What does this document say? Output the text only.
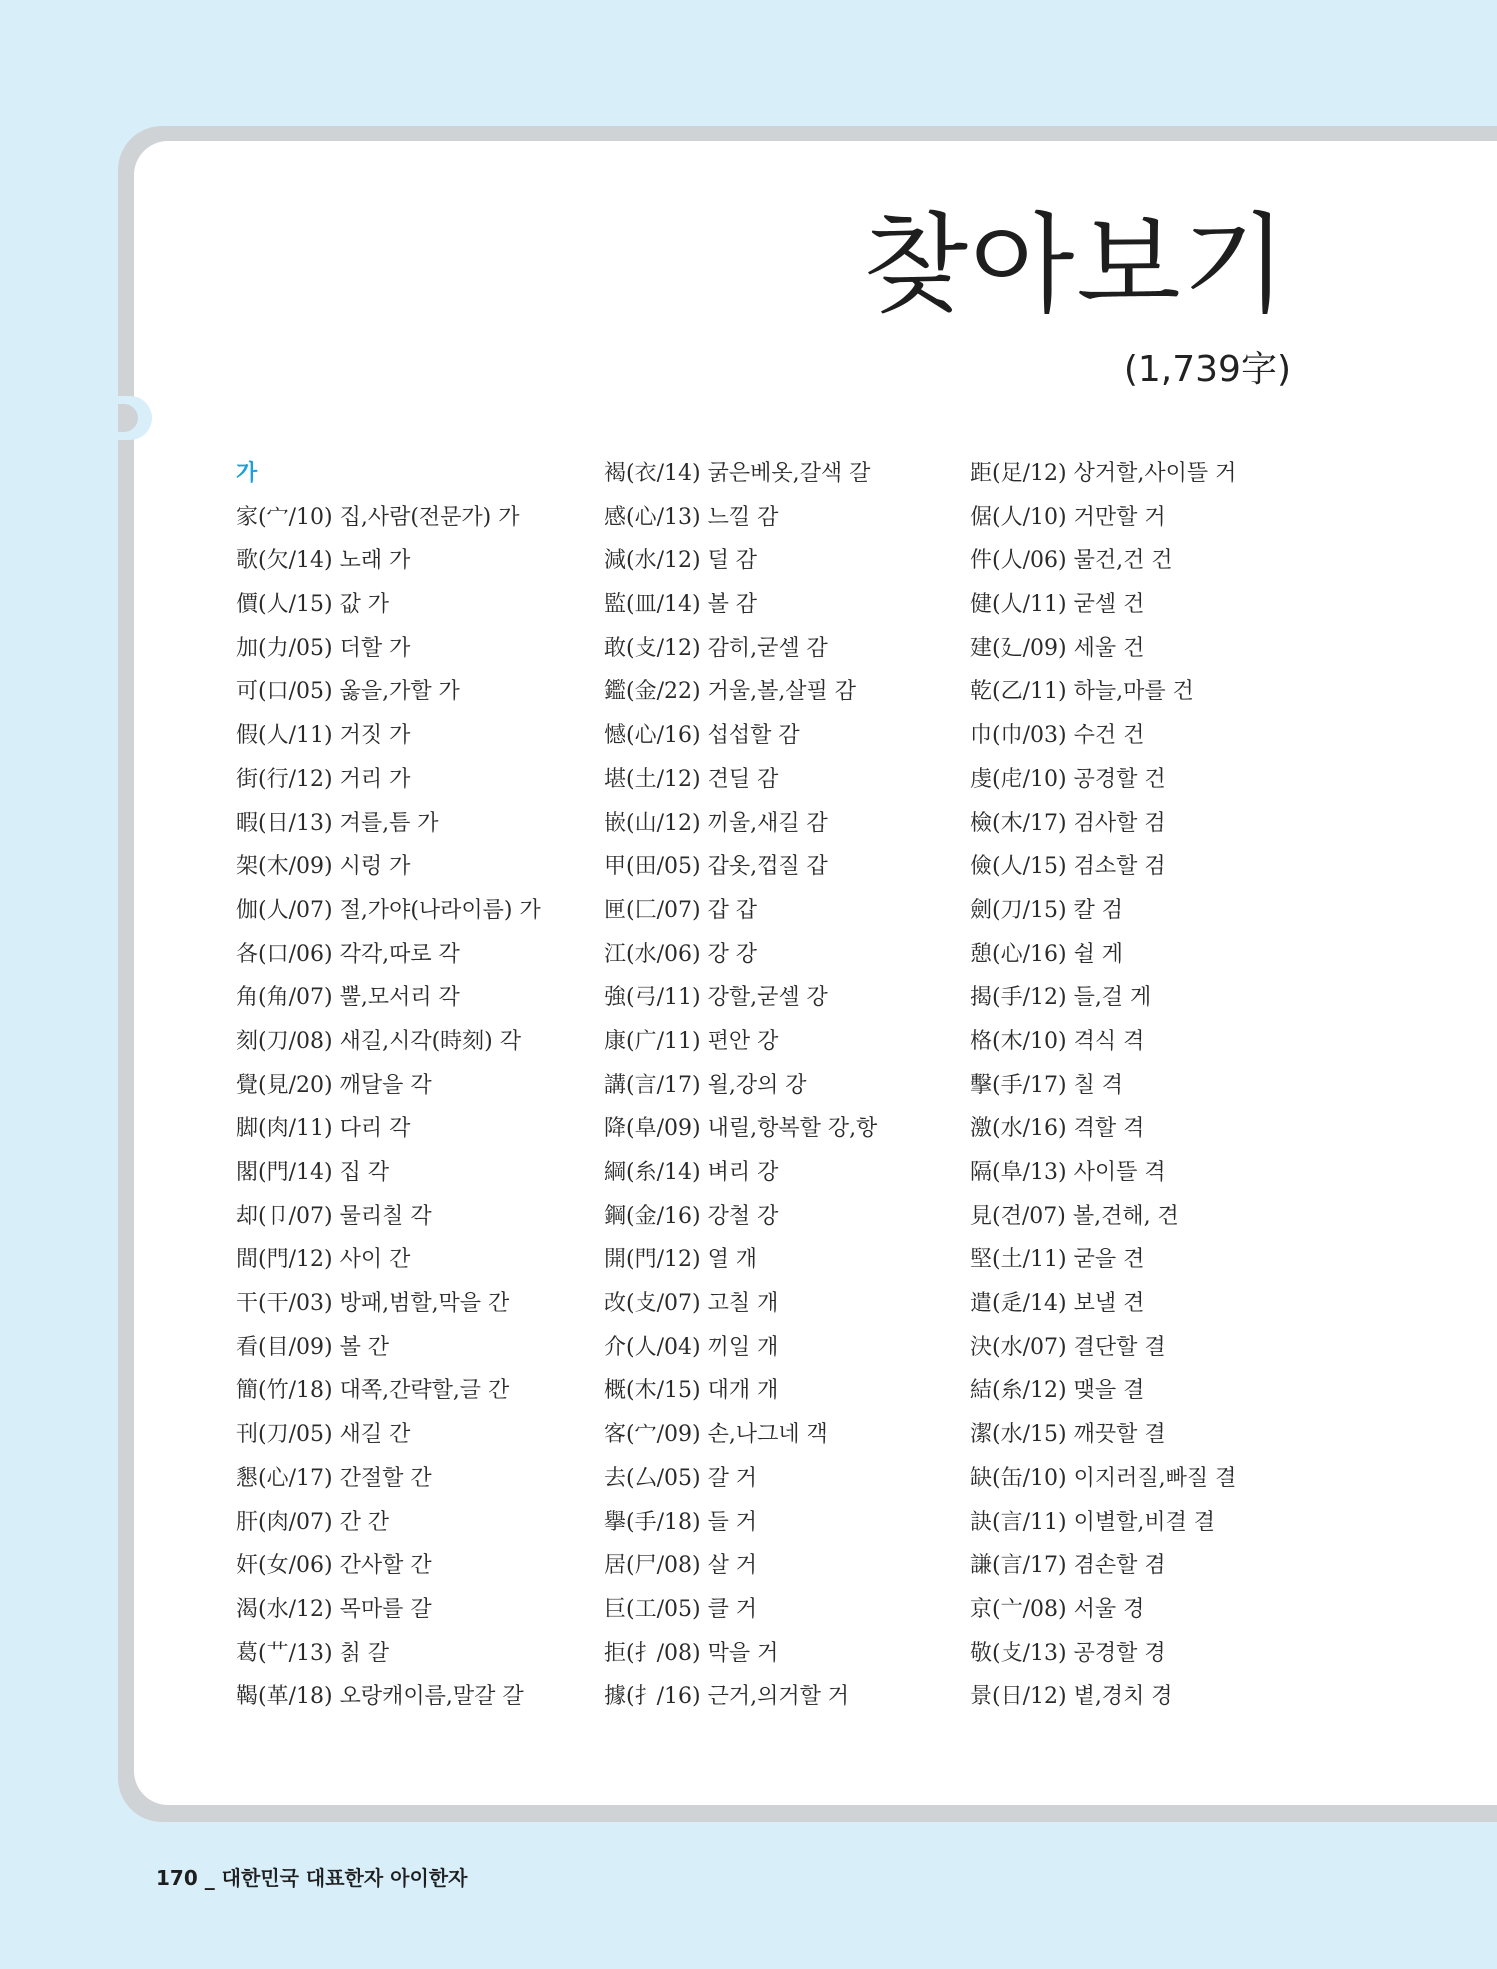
찾아보기
(1,739字)
가
家(宀/10) 집,사람(전문가) 가
歌(欠/14) 노래 가
價(人/15) 값 가
加(力/05) 더할 가
可(口/05) 옳을,가할 가
假(人/11) 거짓 가
街(行/12) 거리 가
暇(日/13) 겨를,틈 가
架(木/09) 시렁 가
伽(人/07) 절,가야(나라이름) 가
各(口/06) 각각,따로 각
角(角/07) 뿔,모서리 각
刻(刀/08) 새길,시각(時刻) 각
覺(見/20) 깨달을 각
脚(肉/11) 다리 각
閣(門/14) 집 각
却(卩/07) 물리칠 각
間(門/12) 사이 간
干(干/03) 방패,범할,막을 간
看(目/09) 볼 간
簡(竹/18) 대쪽,간략할,글 간
刊(刀/05) 새길 간
懇(心/17) 간절할 간
肝(肉/07) 간 간
奸(女/06) 간사할 간
渴(水/12) 목마를 갈
葛(艹/13) 칡 갈
鞨(革/18) 오랑캐이름,말갈 갈
褐(衣/14) 굵은베옷,갈색 갈
感(心/13) 느낄 감
減(水/12) 덜 감
監(皿/14) 볼 감
敢(攴/12) 감히,굳셀 감
鑑(金/22) 거울,볼,살필 감
憾(心/16) 섭섭할 감
堪(土/12) 견딜 감
嵌(山/12) 끼울,새길 감
甲(田/05) 갑옷,껍질 갑
匣(匚/07) 갑 갑
江(水/06) 강 강
強(弓/11) 강할,굳셀 강
康(广/11) 편안 강
講(言/17) 욀,강의 강
降(阜/09) 내릴,항복할 강,항
綱(糸/14) 벼리 강
鋼(金/16) 강철 강
開(門/12) 열 개
改(攴/07) 고칠 개
介(人/04) 끼일 개
概(木/15) 대개 개
客(宀/09) 손,나그네 객
去(厶/05) 갈 거
擧(手/18) 들 거
居(尸/08) 살 거
巨(工/05) 클 거
拒(扌/08) 막을 거
據(扌/16) 근거,의거할 거
距(足/12) 상거할,사이뜰 거
倨(人/10) 거만할 거
件(人/06) 물건,건 건
健(人/11) 굳셀 건
建(廴/09) 세울 건
乾(乙/11) 하늘,마를 건
巾(巾/03) 수건 건
虔(虍/10) 공경할 건
檢(木/17) 검사할 검
儉(人/15) 검소할 검
劍(刀/15) 칼 검
憩(心/16) 쉴 게
揭(手/12) 들,걸 게
格(木/10) 격식 격
擊(手/17) 칠 격
激(水/16) 격할 격
隔(阜/13) 사이뜰 격
見(견/07) 볼,견해, 견
堅(土/11) 굳을 견
遣(辵/14) 보낼 견
決(水/07) 결단할 결
結(糸/12) 맺을 결
潔(水/15) 깨끗할 결
缺(缶/10) 이지러질,빠질 결
訣(言/11) 이별할,비결 결
謙(言/17) 겸손할 겸
京(亠/08) 서울 경
敬(攴/13) 공경할 경
景(日/12) 볕,경치 경
170 _ 대한민국 대표한자 아이한자
